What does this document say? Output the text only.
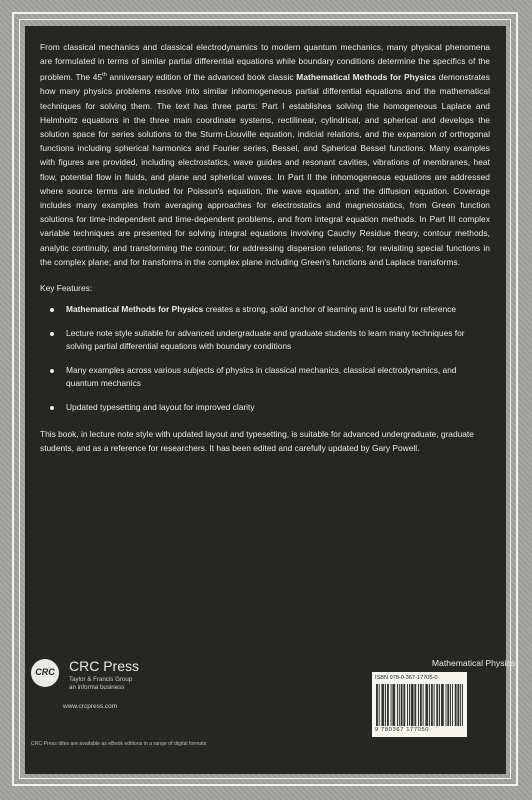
From classical mechanics and classical electrodynamics to modern quantum mechanics, many physical phenomena are formulated in terms of similar partial differential equations while boundary conditions determine the specifics of the problem. The 45th anniversary edition of the advanced book classic Mathematical Methods for Physics demonstrates how many physics problems resolve into similar inhomogeneous partial differential equations and the mathematical techniques for solving them. The text has three parts: Part I establishes solving the homogeneous Laplace and Helmholtz equations in the three main coordinate systems, rectilinear, cylindrical, and spherical and develops the solution space for series solutions to the Sturm-Liouville equation, indicial relations, and the expansion of orthogonal functions including spherical harmonics and Fourier series, Bessel, and Spherical Bessel functions. Many examples with figures are provided, including electrostatics, wave guides and resonant cavities, vibrations of membranes, heat flow, potential flow in fluids, and plane and spherical waves. In Part II the inhomogeneous equations are addressed where source terms are included for Poisson's equation, the wave equation, and the diffusion equation. Coverage includes many examples from averaging approaches for electrostatics and magnetostatics, from Green function solutions for time-independent and time-dependent problems, and from integral equation methods. In Part III complex variable techniques are presented for solving integral equations involving Cauchy Residue theory, contour methods, analytic continuity, and transforming the contour; for addressing dispersion relations; for revisiting special functions in the complex plane; and for transforms in the complex plane including Green's functions and Laplace transforms.

Key Features:
Mathematical Methods for Physics creates a strong, solid anchor of learning and is useful for reference
Lecture note style suitable for advanced undergraduate and graduate students to learn many techniques for solving partial differential equations with boundary conditions
Many examples across various subjects of physics in classical mechanics, classical electrodynamics, and quantum mechanics
Updated typesetting and layout for improved clarity

This book, in lecture note style with updated layout and typesetting, is suitable for advanced undergraduate, graduate students, and as a reference for researchers. It has been edited and carefully updated by Gary Powell.

CRC	CRC Press
Taylor & Francis Group
an informa business
www.crcpress.com
Mathematical Physics
ISBN 978-0-367-17705-0
9 780367 177050
CRC Press titles are available as eBook editions in a range of digital formats
